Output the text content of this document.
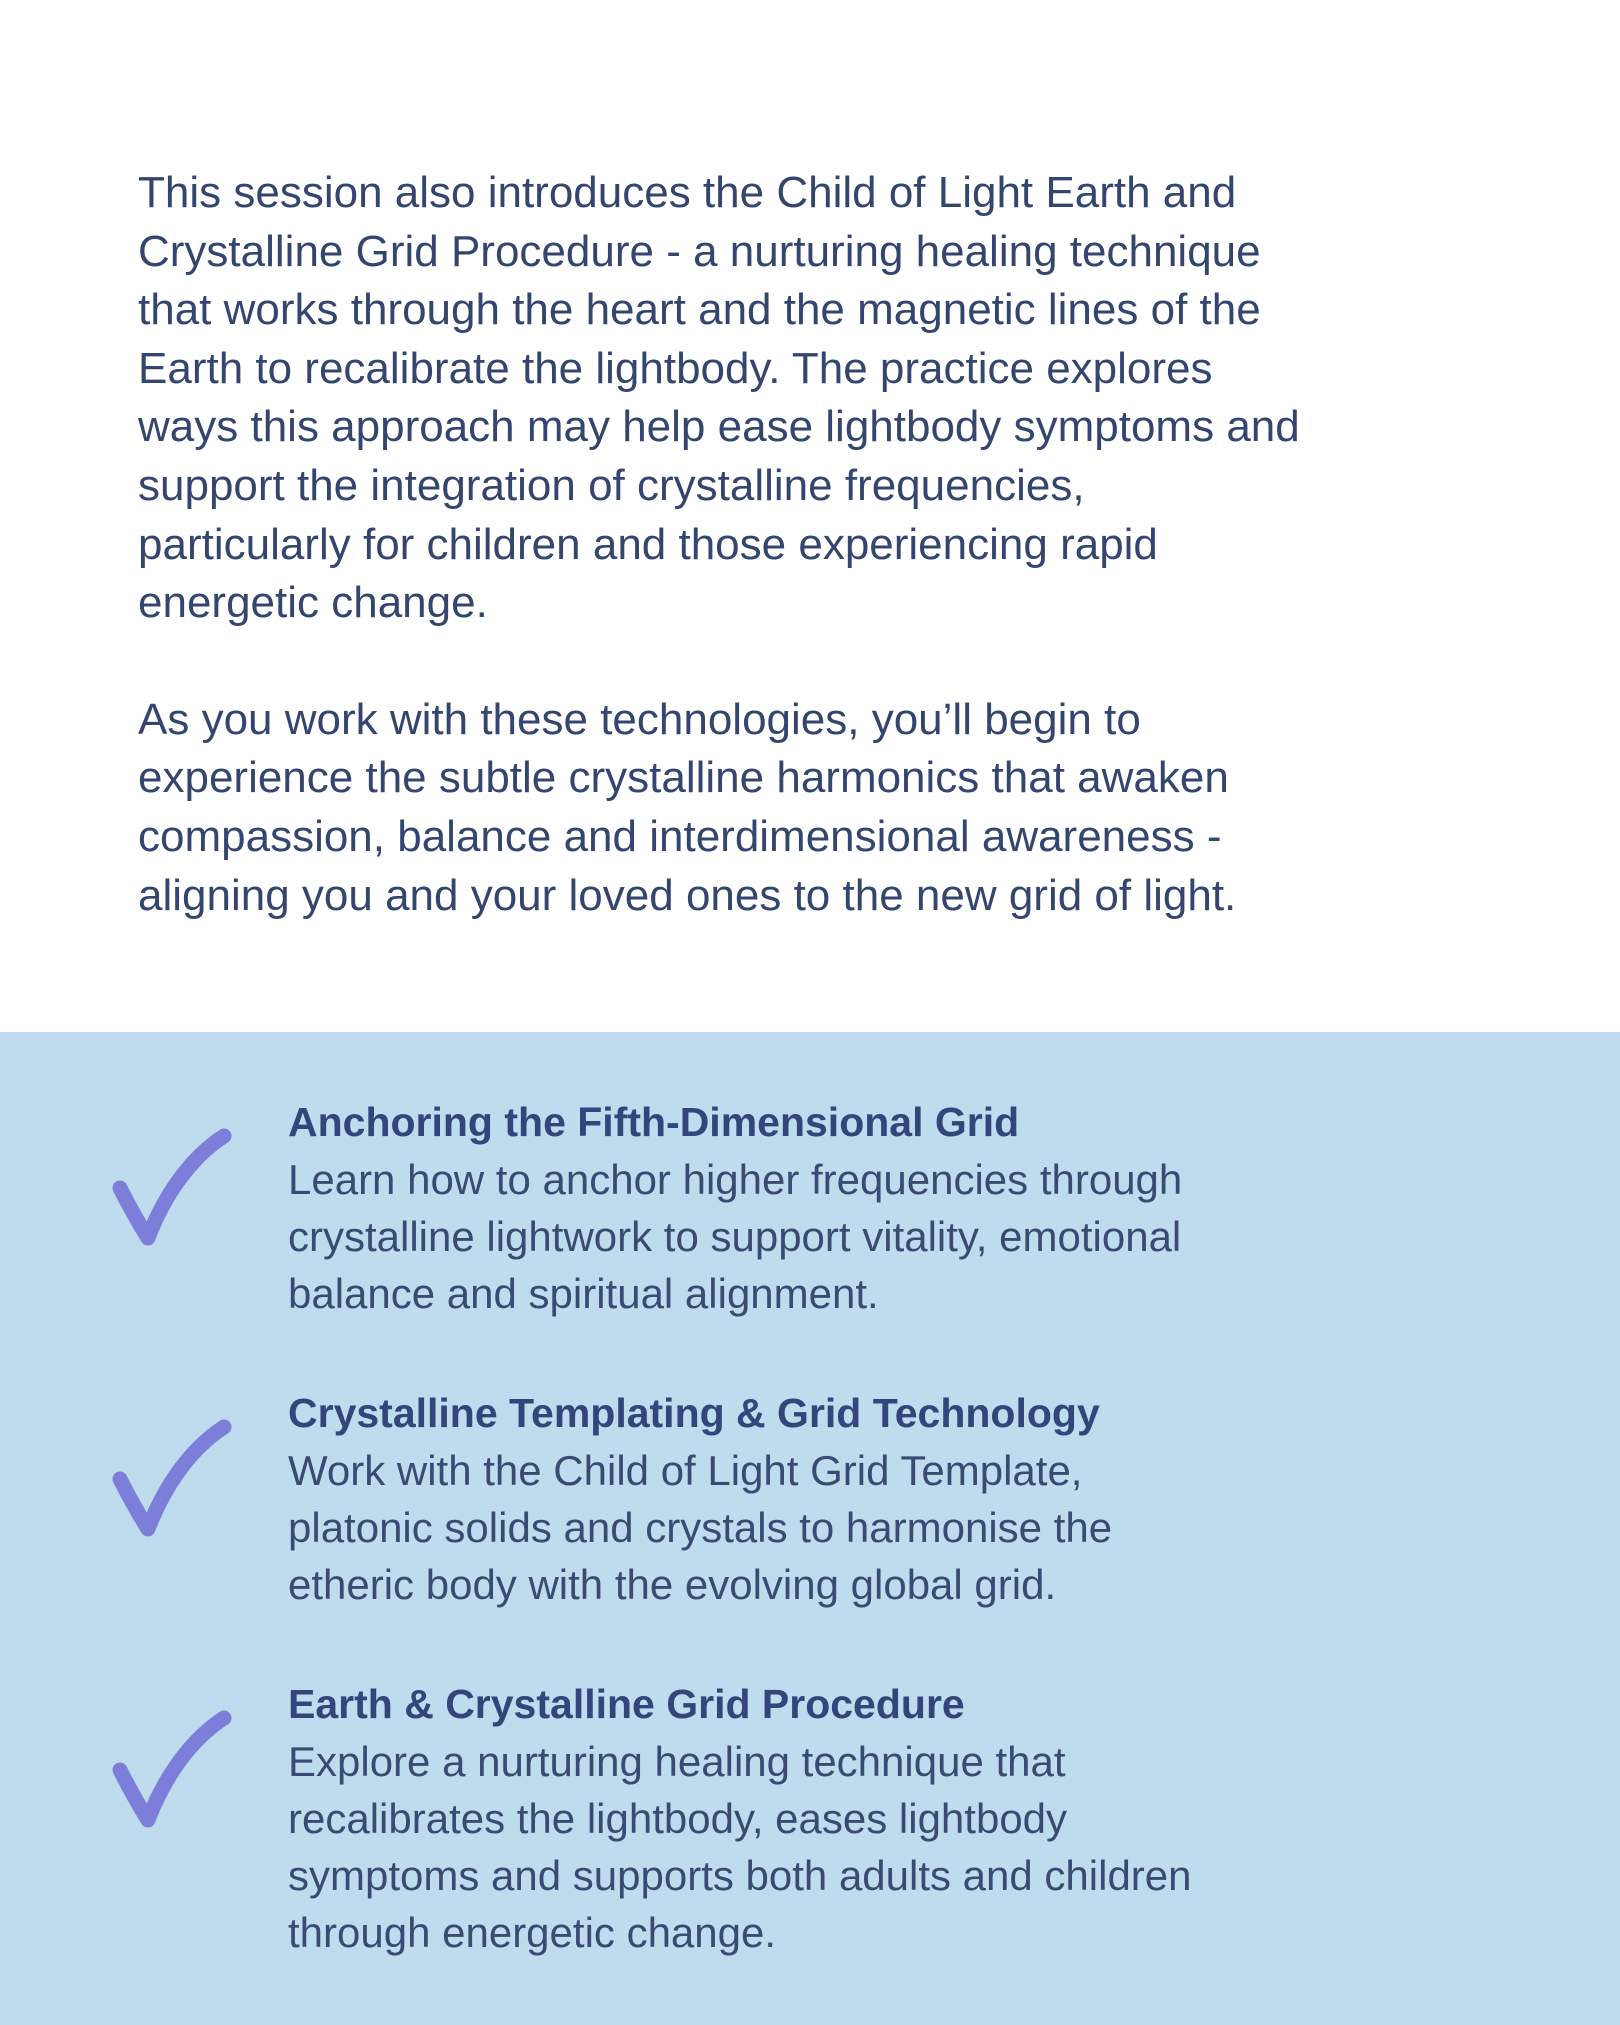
This session also introduces the Child of Light Earth and
Crystalline Grid Procedure - a nurturing healing technique
that works through the heart and the magnetic lines of the
Earth to recalibrate the lightbody. The practice explores
ways this approach may help ease lightbody symptoms and
support the integration of crystalline frequencies,
particularly for children and those experiencing rapid
energetic change.

As you work with these technologies, you’ll begin to
experience the subtle crystalline harmonics that awaken
compassion, balance and interdimensional awareness -
aligning you and your loved ones to the new grid of light.

Anchoring the Fifth-Dimensional Grid
Learn how to anchor higher frequencies through
crystalline lightwork to support vitality, emotional
balance and spiritual alignment.
Crystalline Templating & Grid Technology
Work with the Child of Light Grid Template,
platonic solids and crystals to harmonise the
etheric body with the evolving global grid.
Earth & Crystalline Grid Procedure
Explore a nurturing healing technique that
recalibrates the lightbody, eases lightbody
symptoms and supports both adults and children
through energetic change.
